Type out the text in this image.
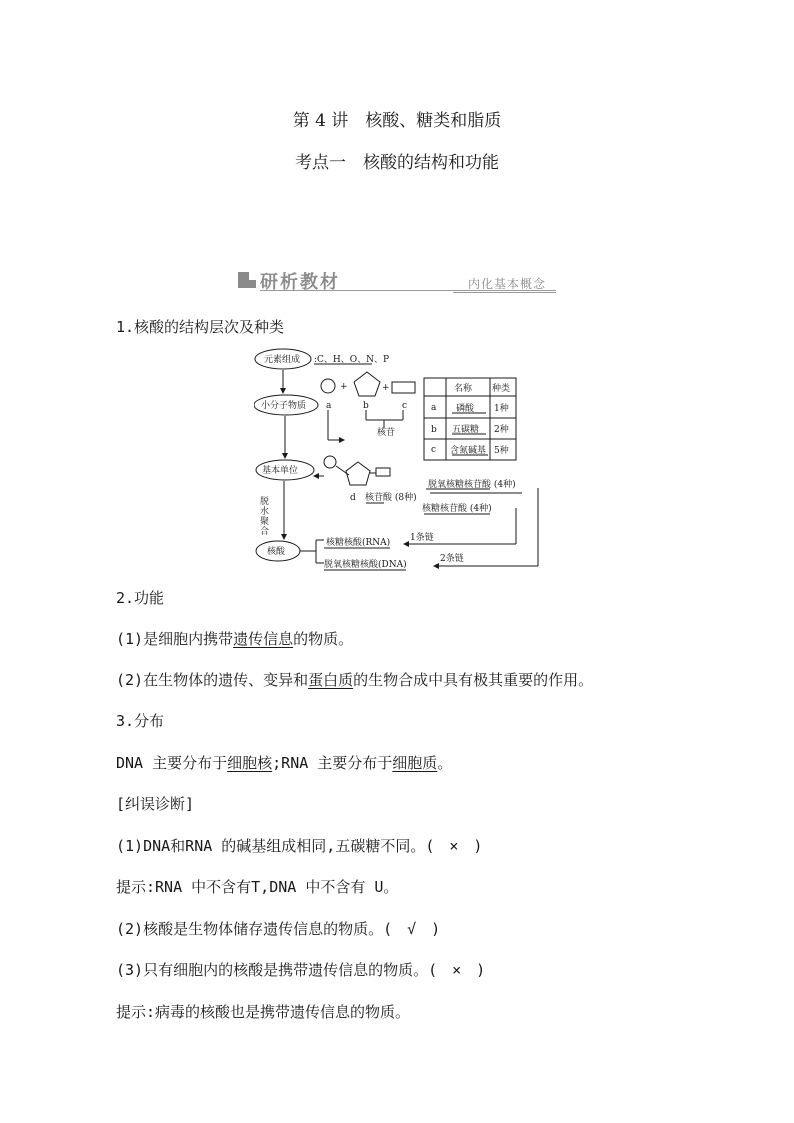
第 4 讲　核酸、糖类和脂质
考点一　核酸的结构和功能
研析教材	内化基本概念
1.核酸的结构层次及种类
元素组成 :C、H、O、N、P
小分子物质
基本单位
核酸
脱水聚合
+	+
a	b	c
核苷
d 核苷酸 (8种)
脱氧核糖核苷酸 (4种)
核糖核苷酸 (4种)
1条链
2条链
核糖核酸(RNA)
脱氧核糖核酸(DNA)
名称 种类
a 磷酸 1种
b 五碳糖 2种
c 含氮碱基 5种
2.功能
(1)是细胞内携带遗传信息的物质。
(2)在生物体的遗传、变异和蛋白质的生物合成中具有极其重要的作用。
3.分布
DNA 主要分布于细胞核;RNA 主要分布于细胞质。
[纠误诊断]
(1)DNA和RNA 的碱基组成相同,五碳糖不同。(　×　)
提示:RNA 中不含有T,DNA 中不含有 U。
(2)核酸是生物体储存遗传信息的物质。(　√　)
(3)只有细胞内的核酸是携带遗传信息的物质。(　×　)
提示:病毒的核酸也是携带遗传信息的物质。
